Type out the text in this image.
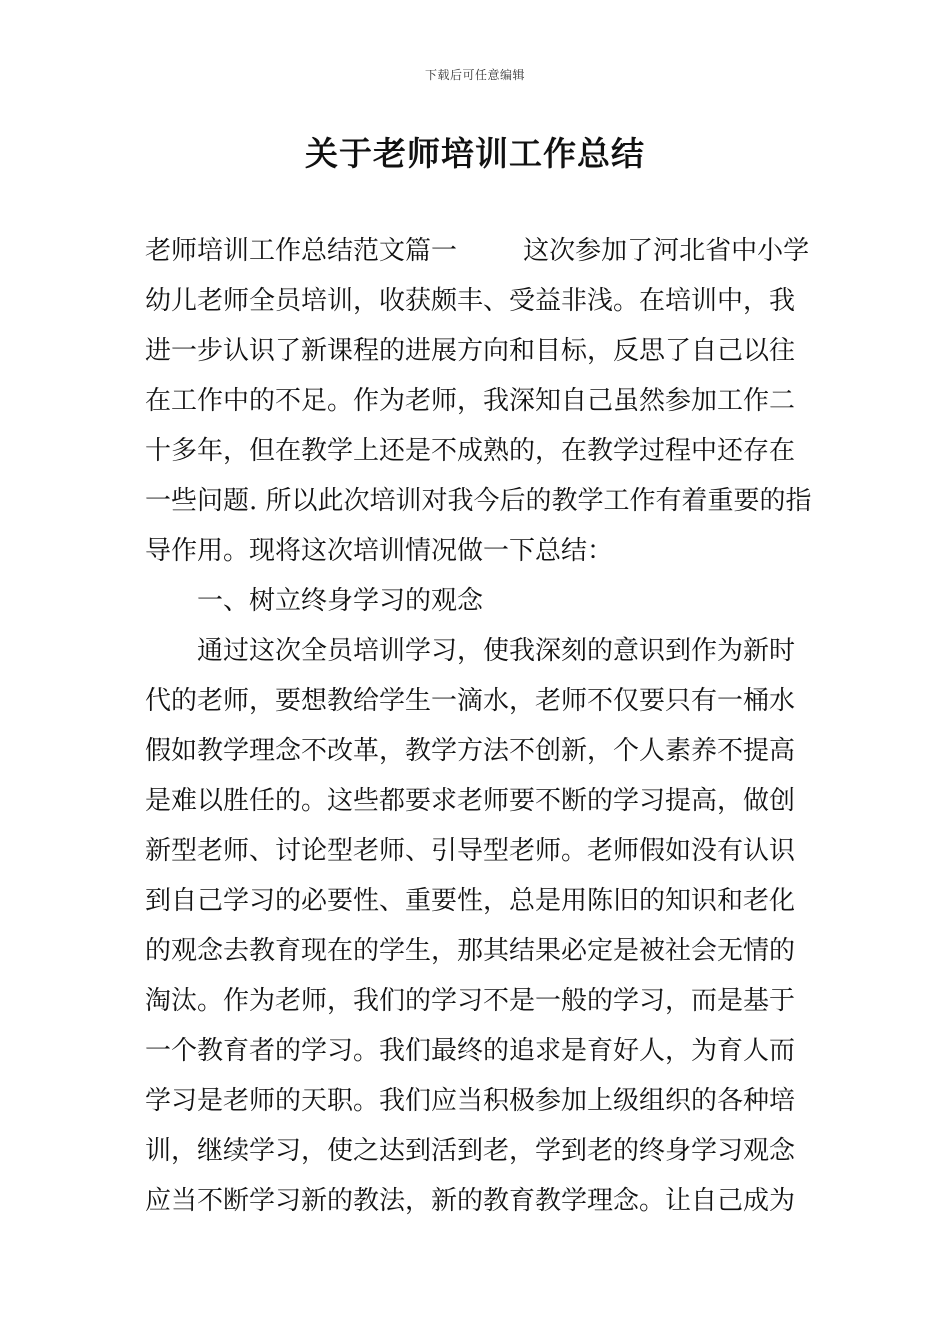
下载后可任意编辑
关于老师培训工作总结
老师培训工作总结范文篇一        这次参加了河北省中小学
幼儿老师全员培训，收获颇丰、受益非浅。在培训中，我
进一步认识了新课程的进展方向和目标，反思了自己以往
在工作中的不足。作为老师，我深知自己虽然参加工作二
十多年，但在教学上还是不成熟的，在教学过程中还存在
一些问题. 所以此次培训对我今后的教学工作有着重要的指
导作用。现将这次培训情况做一下总结：
一、树立终身学习的观念
通过这次全员培训学习，使我深刻的意识到作为新时
代的老师，要想教给学生一滴水，老师不仅要只有一桶水
假如教学理念不改革，教学方法不创新，个人素养不提高
是难以胜任的。这些都要求老师要不断的学习提高，做创
新型老师、讨论型老师、引导型老师。老师假如没有认识
到自己学习的必要性、重要性，总是用陈旧的知识和老化
的观念去教育现在的学生，那其结果必定是被社会无情的
淘汰。作为老师，我们的学习不是一般的学习，而是基于
一个教育者的学习。我们最终的追求是育好人，为育人而
学习是老师的天职。我们应当积极参加上级组织的各种培
训，继续学习，使之达到活到老，学到老的终身学习观念
应当不断学习新的教法，新的教育教学理念。让自己成为
